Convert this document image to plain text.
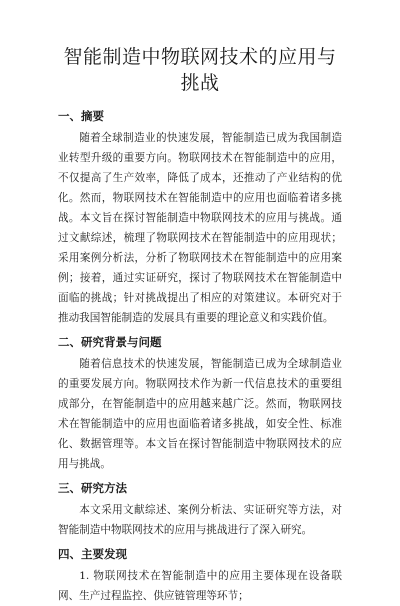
智能制造中物联网技术的应用与挑战
一、摘要

随着全球制造业的快速发展，智能制造已成为我国制造业转型升级的重要方向。物联网技术在智能制造中的应用，不仅提高了生产效率，降低了成本，还推动了产业结构的优化。然而，物联网技术在智能制造中的应用也面临着诸多挑战。本文旨在探讨智能制造中物联网技术的应用与挑战。通过文献综述，梳理了物联网技术在智能制造中的应用现状；采用案例分析法，分析了物联网技术在智能制造中的应用案例；接着，通过实证研究，探讨了物联网技术在智能制造中面临的挑战；针对挑战提出了相应的对策建议。本研究对于推动我国智能制造的发展具有重要的理论意义和实践价值。

二、研究背景与问题

随着信息技术的快速发展，智能制造已成为全球制造业的重要发展方向。物联网技术作为新一代信息技术的重要组成部分，在智能制造中的应用越来越广泛。然而，物联网技术在智能制造中的应用也面临着诸多挑战，如安全性、标准化、数据管理等。本文旨在探讨智能制造中物联网技术的应用与挑战。

三、研究方法

本文采用文献综述、案例分析法、实证研究等方法，对智能制造中物联网技术的应用与挑战进行了深入研究。

四、主要发现

1. 物联网技术在智能制造中的应用主要体现在设备联网、生产过程监控、供应链管理等环节；
